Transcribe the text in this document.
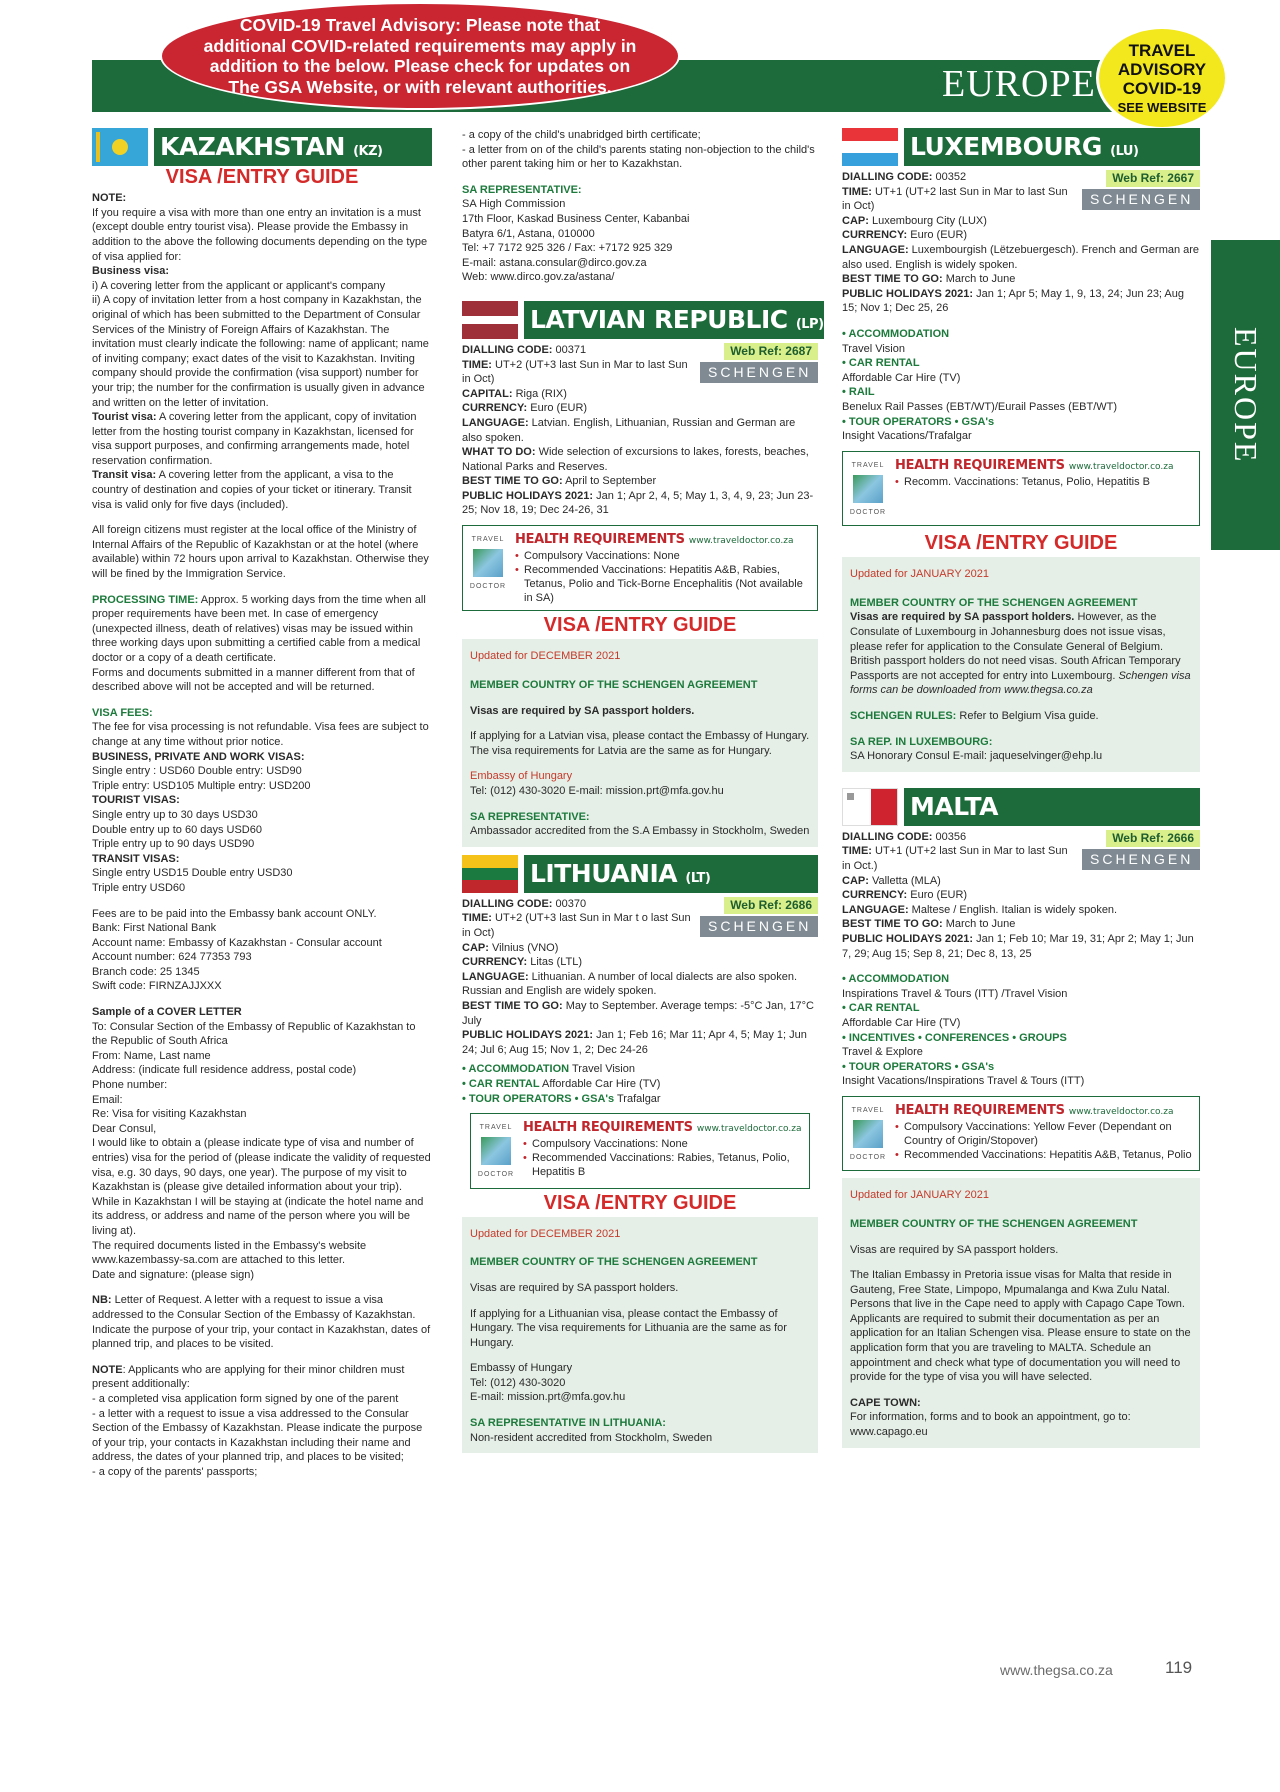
EUROPE
COVID-19 Travel Advisory: Please note that additional COVID-related requirements may apply in addition to the below. Please check for updates on The GSA Website, or with relevant authorities.
TRAVEL
ADVISORY
COVID-19
SEE WEBSITE
EUROPE
KAZAKHSTAN (KZ)
VISA /ENTRY GUIDE

NOTE:

If you require a visa with more than one entry an invitation is a must (except double entry tourist visa). Please provide the Embassy in addition to the above the following documents depending on the type of visa applied for:

Business visa:

i) A covering letter from the applicant or applicant's company

ii) A copy of invitation letter from a host company in Kazakhstan, the original of which has been submitted to the Department of Consular Services of the Ministry of Foreign Affairs of Kazakhstan. The invitation must clearly indicate the following: name of applicant; name of inviting company; exact dates of the visit to Kazakhstan. Inviting company should provide the confirmation (visa support) number for your trip; the number for the confirmation is usually given in advance and written on the letter of invitation.

Tourist visa: A covering letter from the applicant, copy of invitation letter from the hosting tourist company in Kazakhstan, licensed for visa support purposes, and confirming arrangements made, hotel reservation confirmation.

Transit visa: A covering letter from the applicant, a visa to the country of destination and copies of your ticket or itinerary. Transit visa is valid only for five days (included).

All foreign citizens must register at the local office of the Ministry of Internal Affairs of the Republic of Kazakhstan or at the hotel (where available) within 72 hours upon arrival to Kazakhstan. Otherwise they will be fined by the Immigration Service.

PROCESSING TIME: Approx. 5 working days from the time when all proper requirements have been met. In case of emergency (unexpected illness, death of relatives) visas may be issued within three working days upon submitting a certified cable from a medical doctor or a copy of a death certificate.

Forms and documents submitted in a manner different from that of described above will not be accepted and will be returned.

VISA FEES:

The fee for visa processing is not refundable. Visa fees are subject to change at any time without prior notice.

BUSINESS, PRIVATE AND WORK VISAS:

Single entry : USD60 Double entry: USD90

Triple entry: USD105 Multiple entry: USD200

TOURIST VISAS:

Single entry up to 30 days USD30

Double entry up to 60 days USD60

Triple entry up to 90 days USD90

TRANSIT VISAS:

Single entry USD15 Double entry USD30

Triple entry USD60

Fees are to be paid into the Embassy bank account ONLY.

Bank: First National Bank

Account name: Embassy of Kazakhstan - Consular account

Account number: 624 77353 793

Branch code: 25 1345

Swift code: FIRNZAJJXXX

Sample of a COVER LETTER

To: Consular Section of the Embassy of Republic of Kazakhstan to the Republic of South Africa

From: Name, Last name

Address: (indicate full residence address, postal code)

Phone number:

Email:

Re: Visa for visiting Kazakhstan

Dear Consul,

I would like to obtain a (please indicate type of visa and number of entries) visa for the period of (please indicate the validity of requested visa, e.g. 30 days, 90 days, one year). The purpose of my visit to Kazakhstan is (please give detailed information about your trip).

While in Kazakhstan I will be staying at (indicate the hotel name and its address, or address and name of the person where you will be living at).

The required documents listed in the Embassy's website www.kazembassy-sa.com are attached to this letter.

Date and signature: (please sign)

NB: Letter of Request. A letter with a request to issue a visa addressed to the Consular Section of the Embassy of Kazakhstan. Indicate the purpose of your trip, your contact in Kazakhstan, dates of planned trip, and places to be visited.

NOTE: Applicants who are applying for their minor children must present additionally:

- a completed visa application form signed by one of the parent

- a letter with a request to issue a visa addressed to the Consular Section of the Embassy of Kazakhstan. Please indicate the purpose of your trip, your contacts in Kazakhstan including their name and address, the dates of your planned trip, and places to be visited;

- a copy of the parents' passports;

- a copy of the child's unabridged birth certificate;

- a letter from on of the child's parents stating non-objection to the child's other parent taking him or her to Kazakhstan.

SA REPRESENTATIVE:

SA High Commission

17th Floor, Kaskad Business Center, Kabanbai

Batyra 6/1, Astana, 010000

Tel: +7 7172 925 326 / Fax: +7172 925 329

E-mail: astana.consular@dirco.gov.za

Web: www.dirco.gov.za/astana/

LATVIAN REPUBLIC (LP)

DIALLING CODE: 00371

TIME: UT+2 (UT+3 last Sun in Mar to last Sun in Oct)

Web Ref: 2687
SCHENGEN

CAPITAL: Riga (RIX)

CURRENCY: Euro (EUR)

LANGUAGE: Latvian. English, Lithuanian, Russian and German are also spoken.

WHAT TO DO: Wide selection of excursions to lakes, forests, beaches, National Parks and Reserves.

BEST TIME TO GO: April to September

PUBLIC HOLIDAYS 2021: Jan 1; Apr 2, 4, 5; May 1, 3, 4, 9, 23; Jun 23-25; Nov 18, 19; Dec 24-26, 31

TRAVEL
DOCTOR
HEALTH REQUIREMENTS www.traveldoctor.co.za
• Compulsory Vaccinations: None
• Recommended Vaccinations: Hepatitis A&B, Rabies, Tetanus, Polio and Tick-Borne Encephalitis (Not available in SA)
VISA /ENTRY GUIDE

Updated for DECEMBER 2021

MEMBER COUNTRY OF THE SCHENGEN AGREEMENT

Visas are required by SA passport holders.

If applying for a Latvian visa, please contact the Embassy of Hungary. The visa requirements for Latvia are the same as for Hungary.

Embassy of Hungary

Tel: (012) 430-3020 E-mail: mission.prt@mfa.gov.hu

SA REPRESENTATIVE:

Ambassador accredited from the S.A Embassy in Stockholm, Sweden

LITHUANIA (LT)

DIALLING CODE: 00370

TIME: UT+2 (UT+3 last Sun in Mar t o last Sun in Oct)

Web Ref: 2686
SCHENGEN

CAP: Vilnius (VNO)

CURRENCY: Litas (LTL)

LANGUAGE: Lithuanian. A number of local dialects are also spoken. Russian and English are widely spoken.

BEST TIME TO GO: May to September. Average temps: -5°C Jan, 17°C July

PUBLIC HOLIDAYS 2021: Jan 1; Feb 16; Mar 11; Apr 4, 5; May 1; Jun 24; Jul 6; Aug 15; Nov 1, 2; Dec 24-26

• ACCOMMODATION Travel Vision

• CAR RENTAL Affordable Car Hire (TV)

• TOUR OPERATORS • GSA's Trafalgar

TRAVEL
DOCTOR
HEALTH REQUIREMENTS www.traveldoctor.co.za
• Compulsory Vaccinations: None
• Recommended Vaccinations: Rabies, Tetanus, Polio, Hepatitis B
VISA /ENTRY GUIDE

Updated for DECEMBER 2021

MEMBER COUNTRY OF THE SCHENGEN AGREEMENT

Visas are required by SA passport holders.

If applying for a Lithuanian visa, please contact the Embassy of Hungary. The visa requirements for Lithuania are the same as for Hungary.

Embassy of Hungary

Tel: (012) 430-3020

E-mail: mission.prt@mfa.gov.hu

SA REPRESENTATIVE IN LITHUANIA:

Non-resident accredited from Stockholm, Sweden

LUXEMBOURG (LU)

DIALLING CODE: 00352

TIME: UT+1 (UT+2 last Sun in Mar to last Sun in Oct)

Web Ref: 2667
SCHENGEN

CAP: Luxembourg City (LUX)

CURRENCY: Euro (EUR)

LANGUAGE: Luxembourgish (Lëtzebuergesch). French and German are also used. English is widely spoken.

BEST TIME TO GO: March to June

PUBLIC HOLIDAYS 2021: Jan 1; Apr 5; May 1, 9, 13, 24; Jun 23; Aug 15; Nov 1; Dec 25, 26

• ACCOMMODATION

Travel Vision

• CAR RENTAL

Affordable Car Hire (TV)

• RAIL

Benelux Rail Passes (EBT/WT)/Eurail Passes (EBT/WT)

• TOUR OPERATORS • GSA's

Insight Vacations/Trafalgar

TRAVEL
DOCTOR
HEALTH REQUIREMENTS www.traveldoctor.co.za
• Recomm. Vaccinations: Tetanus, Polio, Hepatitis B
VISA /ENTRY GUIDE

Updated for JANUARY 2021

MEMBER COUNTRY OF THE SCHENGEN AGREEMENT

Visas are required by SA passport holders. However, as the Consulate of Luxembourg in Johannesburg does not issue visas, please refer for application to the Consulate General of Belgium. British passport holders do not need visas. South African Temporary Passports are not accepted for entry into Luxembourg. Schengen visa forms can be downloaded from www.thegsa.co.za

SCHENGEN RULES: Refer to Belgium Visa guide.

SA REP. IN LUXEMBOURG:

SA Honorary Consul E-mail: jaqueselvinger@ehp.lu

MALTA

DIALLING CODE: 00356

TIME: UT+1 (UT+2 last Sun in Mar to last Sun in Oct.)

Web Ref: 2666
SCHENGEN

CAP: Valletta (MLA)

CURRENCY: Euro (EUR)

LANGUAGE: Maltese / English. Italian is widely spoken.

BEST TIME TO GO: March to June

PUBLIC HOLIDAYS 2021: Jan 1; Feb 10; Mar 19, 31; Apr 2; May 1; Jun 7, 29; Aug 15; Sep 8, 21; Dec 8, 13, 25

• ACCOMMODATION

Inspirations Travel & Tours (ITT) /Travel Vision

• CAR RENTAL

Affordable Car Hire (TV)

• INCENTIVES • CONFERENCES • GROUPS

Travel & Explore

• TOUR OPERATORS • GSA's

Insight Vacations/Inspirations Travel & Tours (ITT)

TRAVEL
DOCTOR
HEALTH REQUIREMENTS www.traveldoctor.co.za
• Compulsory Vaccinations: Yellow Fever (Dependant on Country of Origin/Stopover)
• Recommended Vaccinations: Hepatitis A&B, Tetanus, Polio

Updated for JANUARY 2021

MEMBER COUNTRY OF THE SCHENGEN AGREEMENT

Visas are required by SA passport holders.

The Italian Embassy in Pretoria issue visas for Malta that reside in Gauteng, Free State, Limpopo, Mpumalanga and Kwa Zulu Natal. Persons that live in the Cape need to apply with Capago Cape Town.

Applicants are required to submit their documentation as per an application for an Italian Schengen visa. Please ensure to state on the application form that you are traveling to MALTA. Schedule an appointment and check what type of documentation you will need to provide for the type of visa you will have selected.

CAPE TOWN:

For information, forms and to book an appointment, go to: www.capago.eu

www.thegsa.co.za	119
